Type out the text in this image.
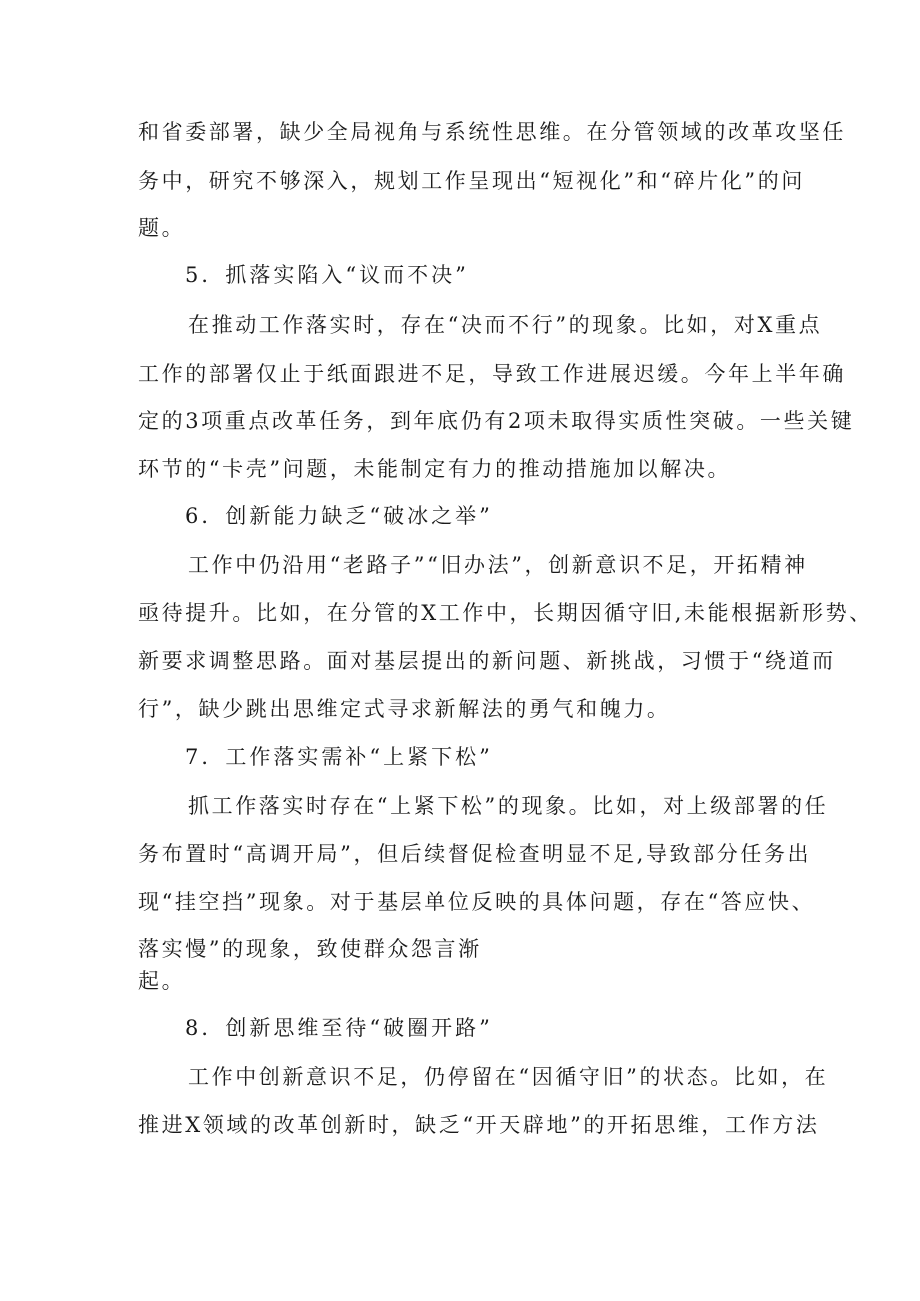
和省委部署，缺少全局视角与系统性思维。在分管领域的改革攻坚任
务中，研究不够深入，规划工作呈现出“短视化”和“碎片化”的问
题。
5．抓落实陷入“议而不决”
在推动工作落实时，存在“决而不行”的现象。比如，对X重点
工作的部署仅止于纸面跟进不足，导致工作进展迟缓。今年上半年确
定的3项重点改革任务，到年底仍有2项未取得实质性突破。一些关键
环节的“卡壳”问题，未能制定有力的推动措施加以解决。
6．创新能力缺乏“破冰之举”
工作中仍沿用“老路子”“旧办法”，创新意识不足，开拓精神
亟待提升。比如，在分管的X工作中，长期因循守旧,未能根据新形势、
新要求调整思路。面对基层提出的新问题、新挑战，习惯于“绕道而
行”，缺少跳出思维定式寻求新解法的勇气和魄力。
7．工作落实需补“上紧下松”
抓工作落实时存在“上紧下松”的现象。比如，对上级部署的任
务布置时“高调开局”，但后续督促检查明显不足,导致部分任务出
现“挂空挡”现象。对于基层单位反映的具体问题，存在“答应快、
落实慢”的现象，致使群众怨言渐
起。
8．创新思维至待“破圈开路”
工作中创新意识不足，仍停留在“因循守旧”的状态。比如，在
推进X领域的改革创新时，缺乏“开天辟地”的开拓思维，工作方法
